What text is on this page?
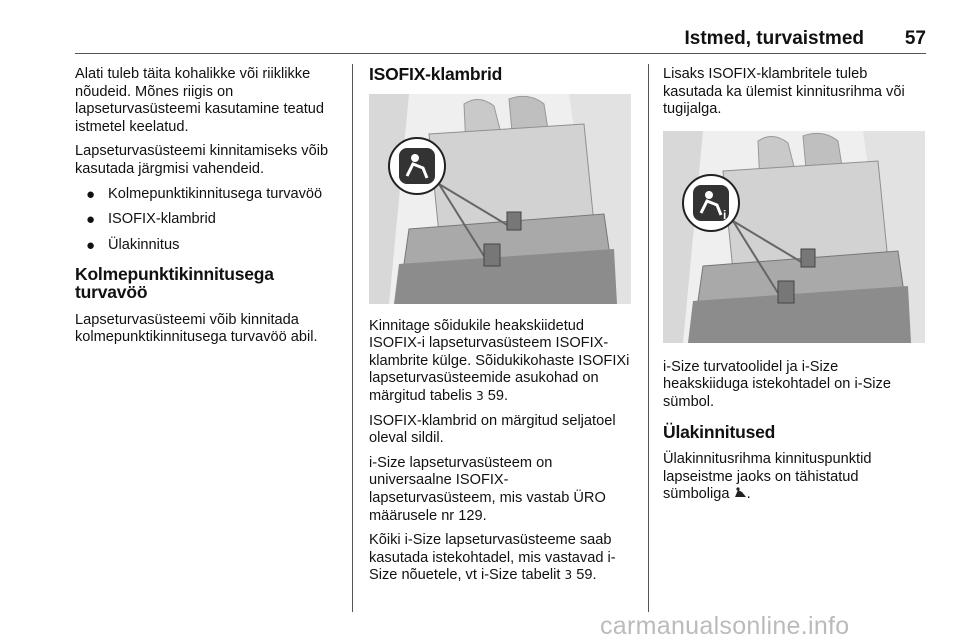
Istmed, turvaistmed 57

Alati tuleb täita kohalikke või riiklikke nõudeid. Mõnes riigis on lapseturvasüsteemi kasutamine teatud istmetel keelatud.

Lapseturvasüsteemi kinnitamiseks võib kasutada järgmisi vahendeid.

● Kolmepunktikinnitusega turvavöö
● ISOFIX-klambrid
● Ülakinnitus
Kolmepunktikinnitusega turvavöö

Lapseturvasüsteemi võib kinnitada kolmepunktikinnitusega turvavöö abil.

ISOFIX-klambrid

Kinnitage sõidukile heakskiidetud ISOFIX-i lapseturvasüsteem ISOFIX-klambrite külge. Sõidukikohaste ISOFIXi lapseturvasüsteemide asukohad on märgitud tabelis 3 59.

ISOFIX-klambrid on märgitud seljatoel oleval sildil.

i-Size lapseturvasüsteem on universaalne ISOFIX-lapseturvasüsteem, mis vastab ÜRO määrusele nr 129.

Kõiki i-Size lapseturvasüsteeme saab kasutada istekohtadel, mis vastavad i-Size nõuetele, vt i-Size tabelit 3 59.

Lisaks ISOFIX-klambritele tuleb kasutada ka ülemist kinnitusrihma või tugijalga.

i

i-Size turvatoolidel ja i-Size heakskiiduga istekohtadel on i-Size sümbol.

Ülakinnitused

Ülakinnitusrihma kinnituspunktid lapseistme jaoks on tähistatud sümboliga .

carmanualsonline.info
